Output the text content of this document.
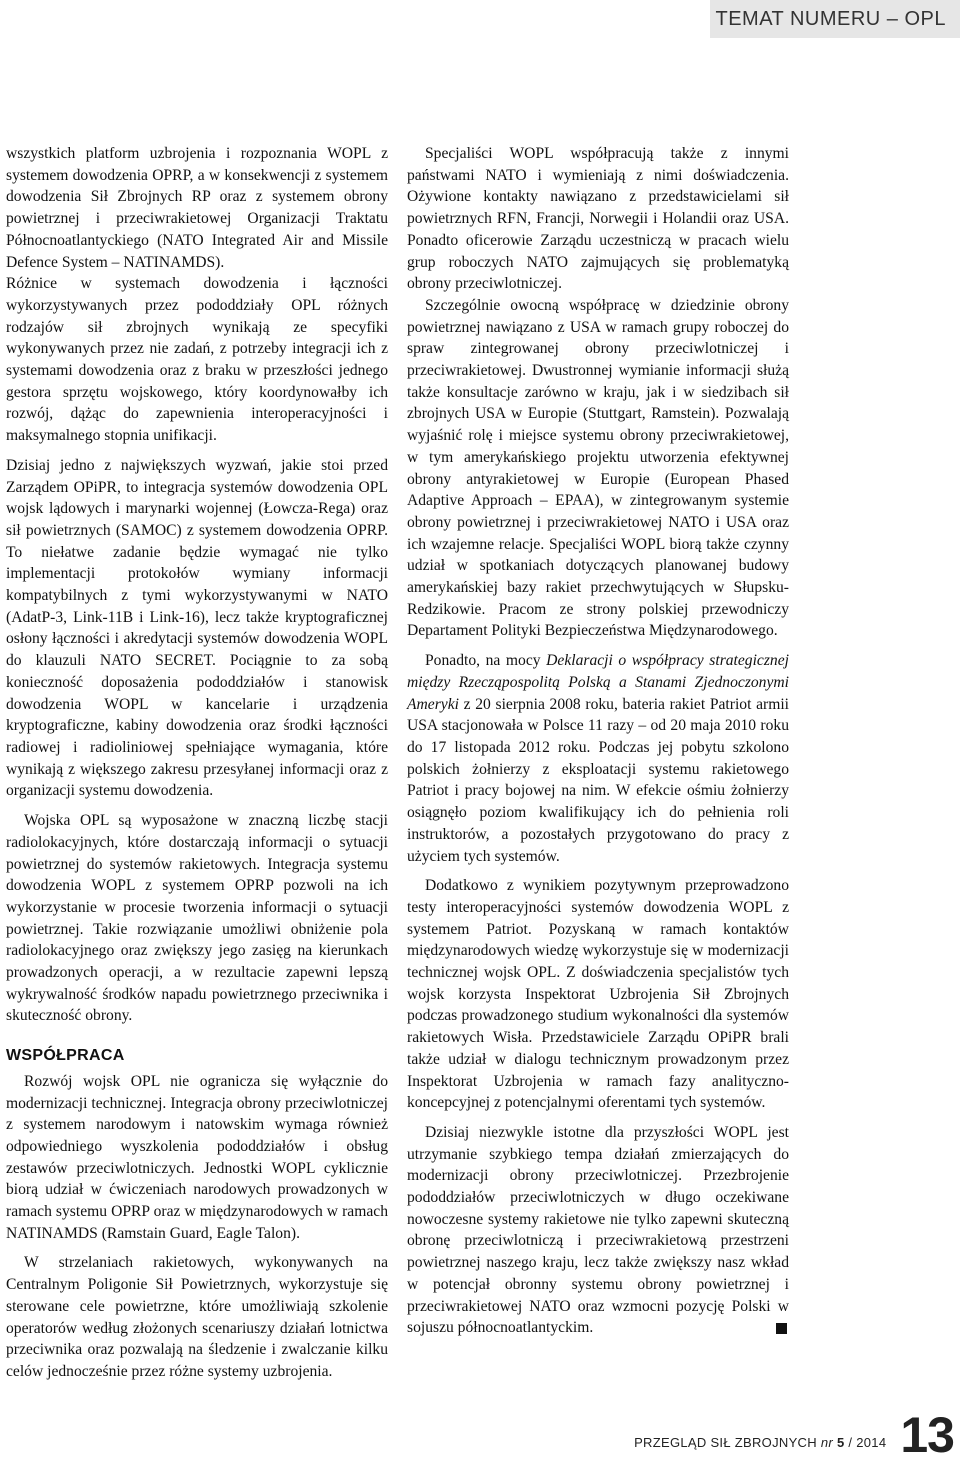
TEMAT NUMERU – OPL

wszystkich platform uzbrojenia i rozpoznania WOPL z systemem dowodzenia OPRP, a w konsekwencji z systemem dowodzenia Sił Zbrojnych RP oraz z systemem obrony powietrznej i przeciwrakietowej Organizacji Traktatu Północnoatlantyckiego (NATO Integrated Air and Missile Defence System – NATINAMDS).

Różnice w systemach dowodzenia i łączności wykorzystywanych przez pododdziały OPL różnych rodzajów sił zbrojnych wynikają ze specyfiki wykonywanych przez nie zadań, z potrzeby integracji ich z systemami dowodzenia oraz z braku w przeszłości jednego gestora sprzętu wojskowego, który koordynowałby ich rozwój, dążąc do zapewnienia interoperacyjności i maksymalnego stopnia unifikacji.

Dzisiaj jedno z największych wyzwań, jakie stoi przed Zarządem OPiPR, to integracja systemów dowodzenia OPL wojsk lądowych i marynarki wojennej (Łowcza-Rega) oraz sił powietrznych (SAMOC) z systemem dowodzenia OPRP. To niełatwe zadanie będzie wymagać nie tylko implementacji protokołów wymiany informacji kompatybilnych z tymi wykorzystywanymi w NATO (AdatP-3, Link-11B i Link-16), lecz także kryptograficznej osłony łączności i akredytacji systemów dowodzenia WOPL do klauzuli NATO SECRET. Pociągnie to za sobą konieczność doposażenia pododdziałów i stanowisk dowodzenia WOPL w kancelarie i urządzenia kryptograficzne, kabiny dowodzenia oraz środki łączności radiowej i radioliniowej spełniające wymagania, które wynikają z większego zakresu przesyłanej informacji oraz z organizacji systemu dowodzenia.

Wojska OPL są wyposażone w znaczną liczbę stacji radiolokacyjnych, które dostarczają informacji o sytuacji powietrznej do systemów rakietowych. Integracja systemu dowodzenia WOPL z systemem OPRP pozwoli na ich wykorzystanie w procesie tworzenia informacji o sytuacji powietrznej. Takie rozwiązanie umożliwi obniżenie pola radiolokacyjnego oraz zwiększy jego zasięg na kierunkach prowadzonych operacji, a w rezultacie zapewni lepszą wykrywalność środków napadu powietrznego przeciwnika i skuteczność obrony.

WSPÓŁPRACA

Rozwój wojsk OPL nie ogranicza się wyłącznie do modernizacji technicznej. Integracja obrony przeciwlotniczej z systemem narodowym i natowskim wymaga również odpowiedniego wyszkolenia pododdziałów i obsług zestawów przeciwlotniczych. Jednostki WOPL cyklicznie biorą udział w ćwiczeniach narodowych prowadzonych w ramach systemu OPRP oraz w międzynarodowych w ramach NATINAMDS (Ramstain Guard, Eagle Talon).

W strzelaniach rakietowych, wykonywanych na Centralnym Poligonie Sił Powietrznych, wykorzystuje się sterowane cele powietrzne, które umożliwiają szkolenie operatorów według złożonych scenariuszy działań lotnictwa przeciwnika oraz pozwalają na śledzenie i zwalczanie kilku celów jednocześnie przez różne systemy uzbrojenia.

Specjaliści WOPL współpracują także z innymi państwami NATO i wymieniają z nimi doświadczenia. Ożywione kontakty nawiązano z przedstawicielami sił powietrznych RFN, Francji, Norwegii i Holandii oraz USA. Ponadto oficerowie Zarządu uczestniczą w pracach wielu grup roboczych NATO zajmujących się problematyką obrony przeciwlotniczej.

Szczególnie owocną współpracę w dziedzinie obrony powietrznej nawiązano z USA w ramach grupy roboczej do spraw zintegrowanej obrony przeciwlotniczej i przeciwrakietowej. Dwustronnej wymianie informacji służą także konsultacje zarówno w kraju, jak i w siedzibach sił zbrojnych USA w Europie (Stuttgart, Ramstein). Pozwalają wyjaśnić rolę i miejsce systemu obrony przeciwrakietowej, w tym amerykańskiego projektu utworzenia efektywnej obrony antyrakietowej w Europie (European Phased Adaptive Approach – EPAA), w zintegrowanym systemie obrony powietrznej i przeciwrakietowej NATO i USA oraz ich wzajemne relacje. Specjaliści WOPL biorą także czynny udział w spotkaniach dotyczących planowanej budowy amerykańskiej bazy rakiet przechwytujących w Słupsku-Redzikowie. Pracom ze strony polskiej przewodniczy Departament Polityki Bezpieczeństwa Międzynarodowego.

Ponadto, na mocy Deklaracji o współpracy strategicznej między Rzecząpospolitą Polską a Stanami Zjednoczonymi Ameryki z 20 sierpnia 2008 roku, bateria rakiet Patriot armii USA stacjonowała w Polsce 11 razy – od 20 maja 2010 roku do 17 listopada 2012 roku. Podczas jej pobytu szkolono polskich żołnierzy z eksploatacji systemu rakietowego Patriot i pracy bojowej na nim. W efekcie ośmiu żołnierzy osiągnęło poziom kwalifikujący ich do pełnienia roli instruktorów, a pozostałych przygotowano do pracy z użyciem tych systemów.

Dodatkowo z wynikiem pozytywnym przeprowadzono testy interoperacyjności systemów dowodzenia WOPL z systemem Patriot. Pozyskaną w ramach kontaktów międzynarodowych wiedzę wykorzystuje się w modernizacji technicznej wojsk OPL. Z doświadczenia specjalistów tych wojsk korzysta Inspektorat Uzbrojenia Sił Zbrojnych podczas prowadzonego studium wykonalności dla systemów rakietowych Wisła. Przedstawiciele Zarządu OPiPR brali także udział w dialogu technicznym prowadzonym przez Inspektorat Uzbrojenia w ramach fazy analityczno-koncepcyjnej z potencjalnymi oferentami tych systemów.

Dzisiaj niezwykle istotne dla przyszłości WOPL jest utrzymanie szybkiego tempa działań zmierzających do modernizacji obrony przeciwlotniczej. Przezbrojenie pododdziałów przeciwlotniczych w długo oczekiwane nowoczesne systemy rakietowe nie tylko zapewni skuteczną obronę przeciwlotniczą i przeciwrakietową przestrzeni powietrznej naszego kraju, lecz także zwiększy nasz wkład w potencjał obronny systemu obrony powietrznej i przeciwrakietowej NATO oraz wzmocni pozycję Polski w sojuszu północnoatlantyckim.

PRZEGLĄD SIŁ ZBROJNYCH nr 5 / 2014 13
